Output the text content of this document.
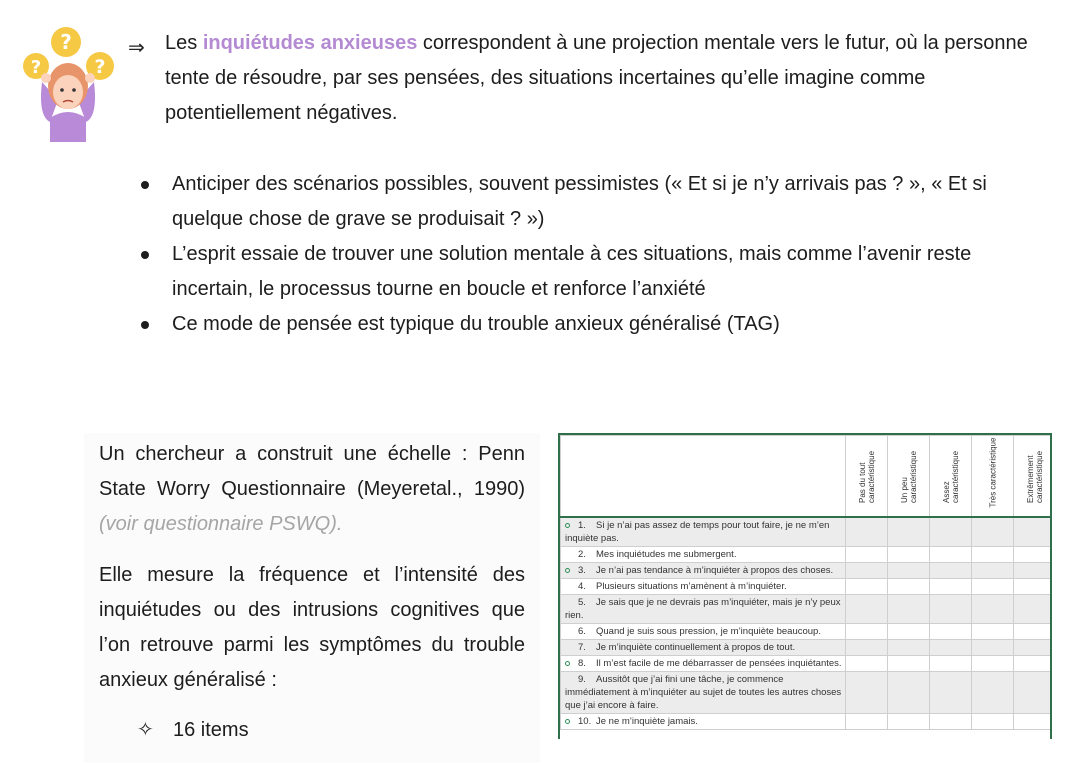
?
?
?
⇒ Les inquiétudes anxieuses correspondent à une projection mentale vers le futur, où la personne tente de résoudre, par ses pensées, des situations incertaines qu’elle imagine comme potentiellement négatives.

Anticiper des scénarios possibles, souvent pessimistes (« Et si je n’y arrivais pas ? », « Et si quelque chose de grave se produisait ? »)
L’esprit essaie de trouver une solution mentale à ces situations, mais comme l’avenir reste incertain, le processus tourne en boucle et renforce l’anxiété
Ce mode de pensée est typique du trouble anxieux généralisé (TAG)

Un chercheur a construit une échelle : Penn State Worry Questionnaire (Meyeretal., 1990) (voir questionnaire PSWQ).

Elle mesure la fréquence et l’intensité des inquiétudes ou des intrusions cognitives que l’on retrouve parmi les symptômes du trouble anxieux généralisé :

✧ 16 items

	Pas du tout caractéristique	Un peu caractéristique	Assez caractéristique	Très caractéristique	Extrêmement caractéristique

1. Si je n’ai pas assez de temps pour tout faire, je ne m’en inquiète pas.					
2. Mes inquiétudes me submergent.					
3. Je n’ai pas tendance à m’inquiéter à propos des choses.					
4. Plusieurs situations m’amènent à m’inquiéter.					
5. Je sais que je ne devrais pas m’inquiéter, mais je n’y peux rien.					
6. Quand je suis sous pression, je m’inquiète beaucoup.					
7. Je m’inquiète continuellement à propos de tout.					
8. Il m’est facile de me débarrasser de pensées inquiétantes.					
9. Aussitôt que j’ai fini une tâche, je commence immédiatement à m’inquiéter au sujet de toutes les autres choses que j’ai encore à faire.					
10. Je ne m’inquiète jamais.					
